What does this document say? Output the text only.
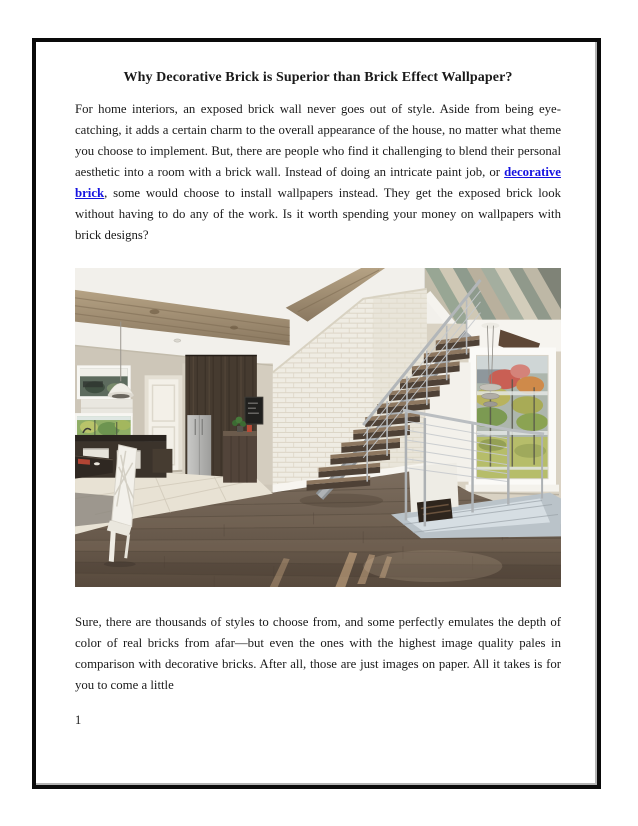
Why Decorative Brick is Superior than Brick Effect Wallpaper?

For home interiors, an exposed brick wall never goes out of style. Aside from being eye-catching, it adds a certain charm to the overall appearance of the house, no matter what theme you choose to implement. But, there are people who find it challenging to blend their personal aesthetic into a room with a brick wall. Instead of doing an intricate paint job, or decorative brick, some would choose to install wallpapers instead. They get the exposed brick look without having to do any of the work. Is it worth spending your money on wallpapers with brick designs?

Sure, there are thousands of styles to choose from, and some perfectly emulates the depth of color of real bricks from afar—but even the ones with the highest image quality pales in comparison with decorative bricks. After all, those are just images on paper. All it takes is for you to come a little

1
